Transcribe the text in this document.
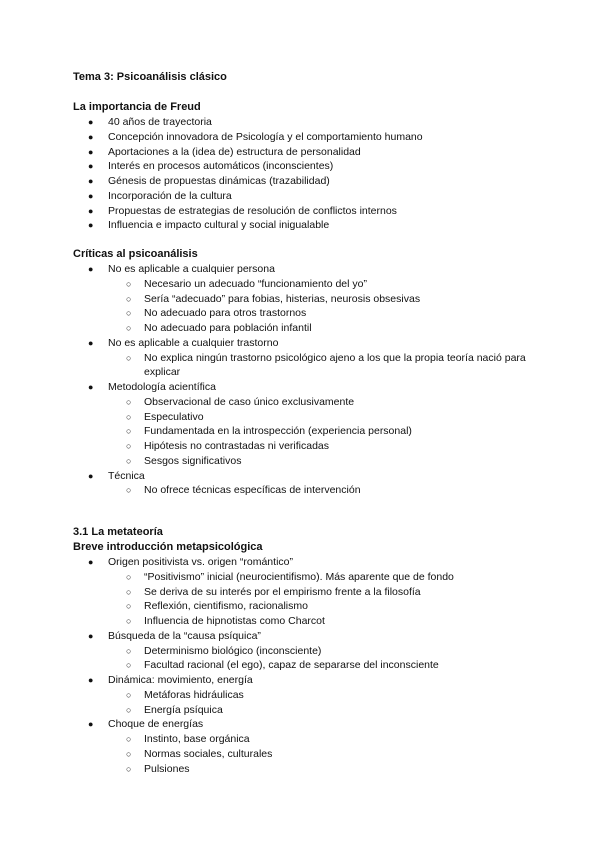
Tema 3: Psicoanálisis clásico

La importancia de Freud

● 40 años de trayectoria
● Concepción innovadora de Psicología y el comportamiento humano
● Aportaciones a la (idea de) estructura de personalidad
● Interés en procesos automáticos (inconscientes)
● Génesis de propuestas dinámicas (trazabilidad)
● Incorporación de la cultura
● Propuestas de estrategias de resolución de conflictos internos
● Influencia e impacto cultural y social inigualable

Críticas al psicoanálisis

● No es aplicable a cualquier persona
○ Necesario un adecuado “funcionamiento del yo”
○ Sería “adecuado” para fobias, histerias, neurosis obsesivas
○ No adecuado para otros trastornos
○ No adecuado para población infantil
● No es aplicable a cualquier trastorno
○ No explica ningún trastorno psicológico ajeno a los que la propia teoría nació para explicar
● Metodología acientífica
○ Observacional de caso único exclusivamente
○ Especulativo
○ Fundamentada en la introspección (experiencia personal)
○ Hipótesis no contrastadas ni verificadas
○ Sesgos significativos
● Técnica
○ No ofrece técnicas específicas de intervención

3.1 La metateoría

Breve introducción metapsicológica

● Origen positivista vs. origen “romántico”
○ “Positivismo” inicial (neurocientifismo). Más aparente que de fondo
○ Se deriva de su interés por el empirismo frente a la filosofía
○ Reflexión, cientifismo, racionalismo
○ Influencia de hipnotistas como Charcot
● Búsqueda de la “causa psíquica”
○ Determinismo biológico (inconsciente)
○ Facultad racional (el ego), capaz de separarse del inconsciente
● Dinámica: movimiento, energía
○ Metáforas hidráulicas
○ Energía psíquica
● Choque de energías
○ Instinto, base orgánica
○ Normas sociales, culturales
○ Pulsiones
